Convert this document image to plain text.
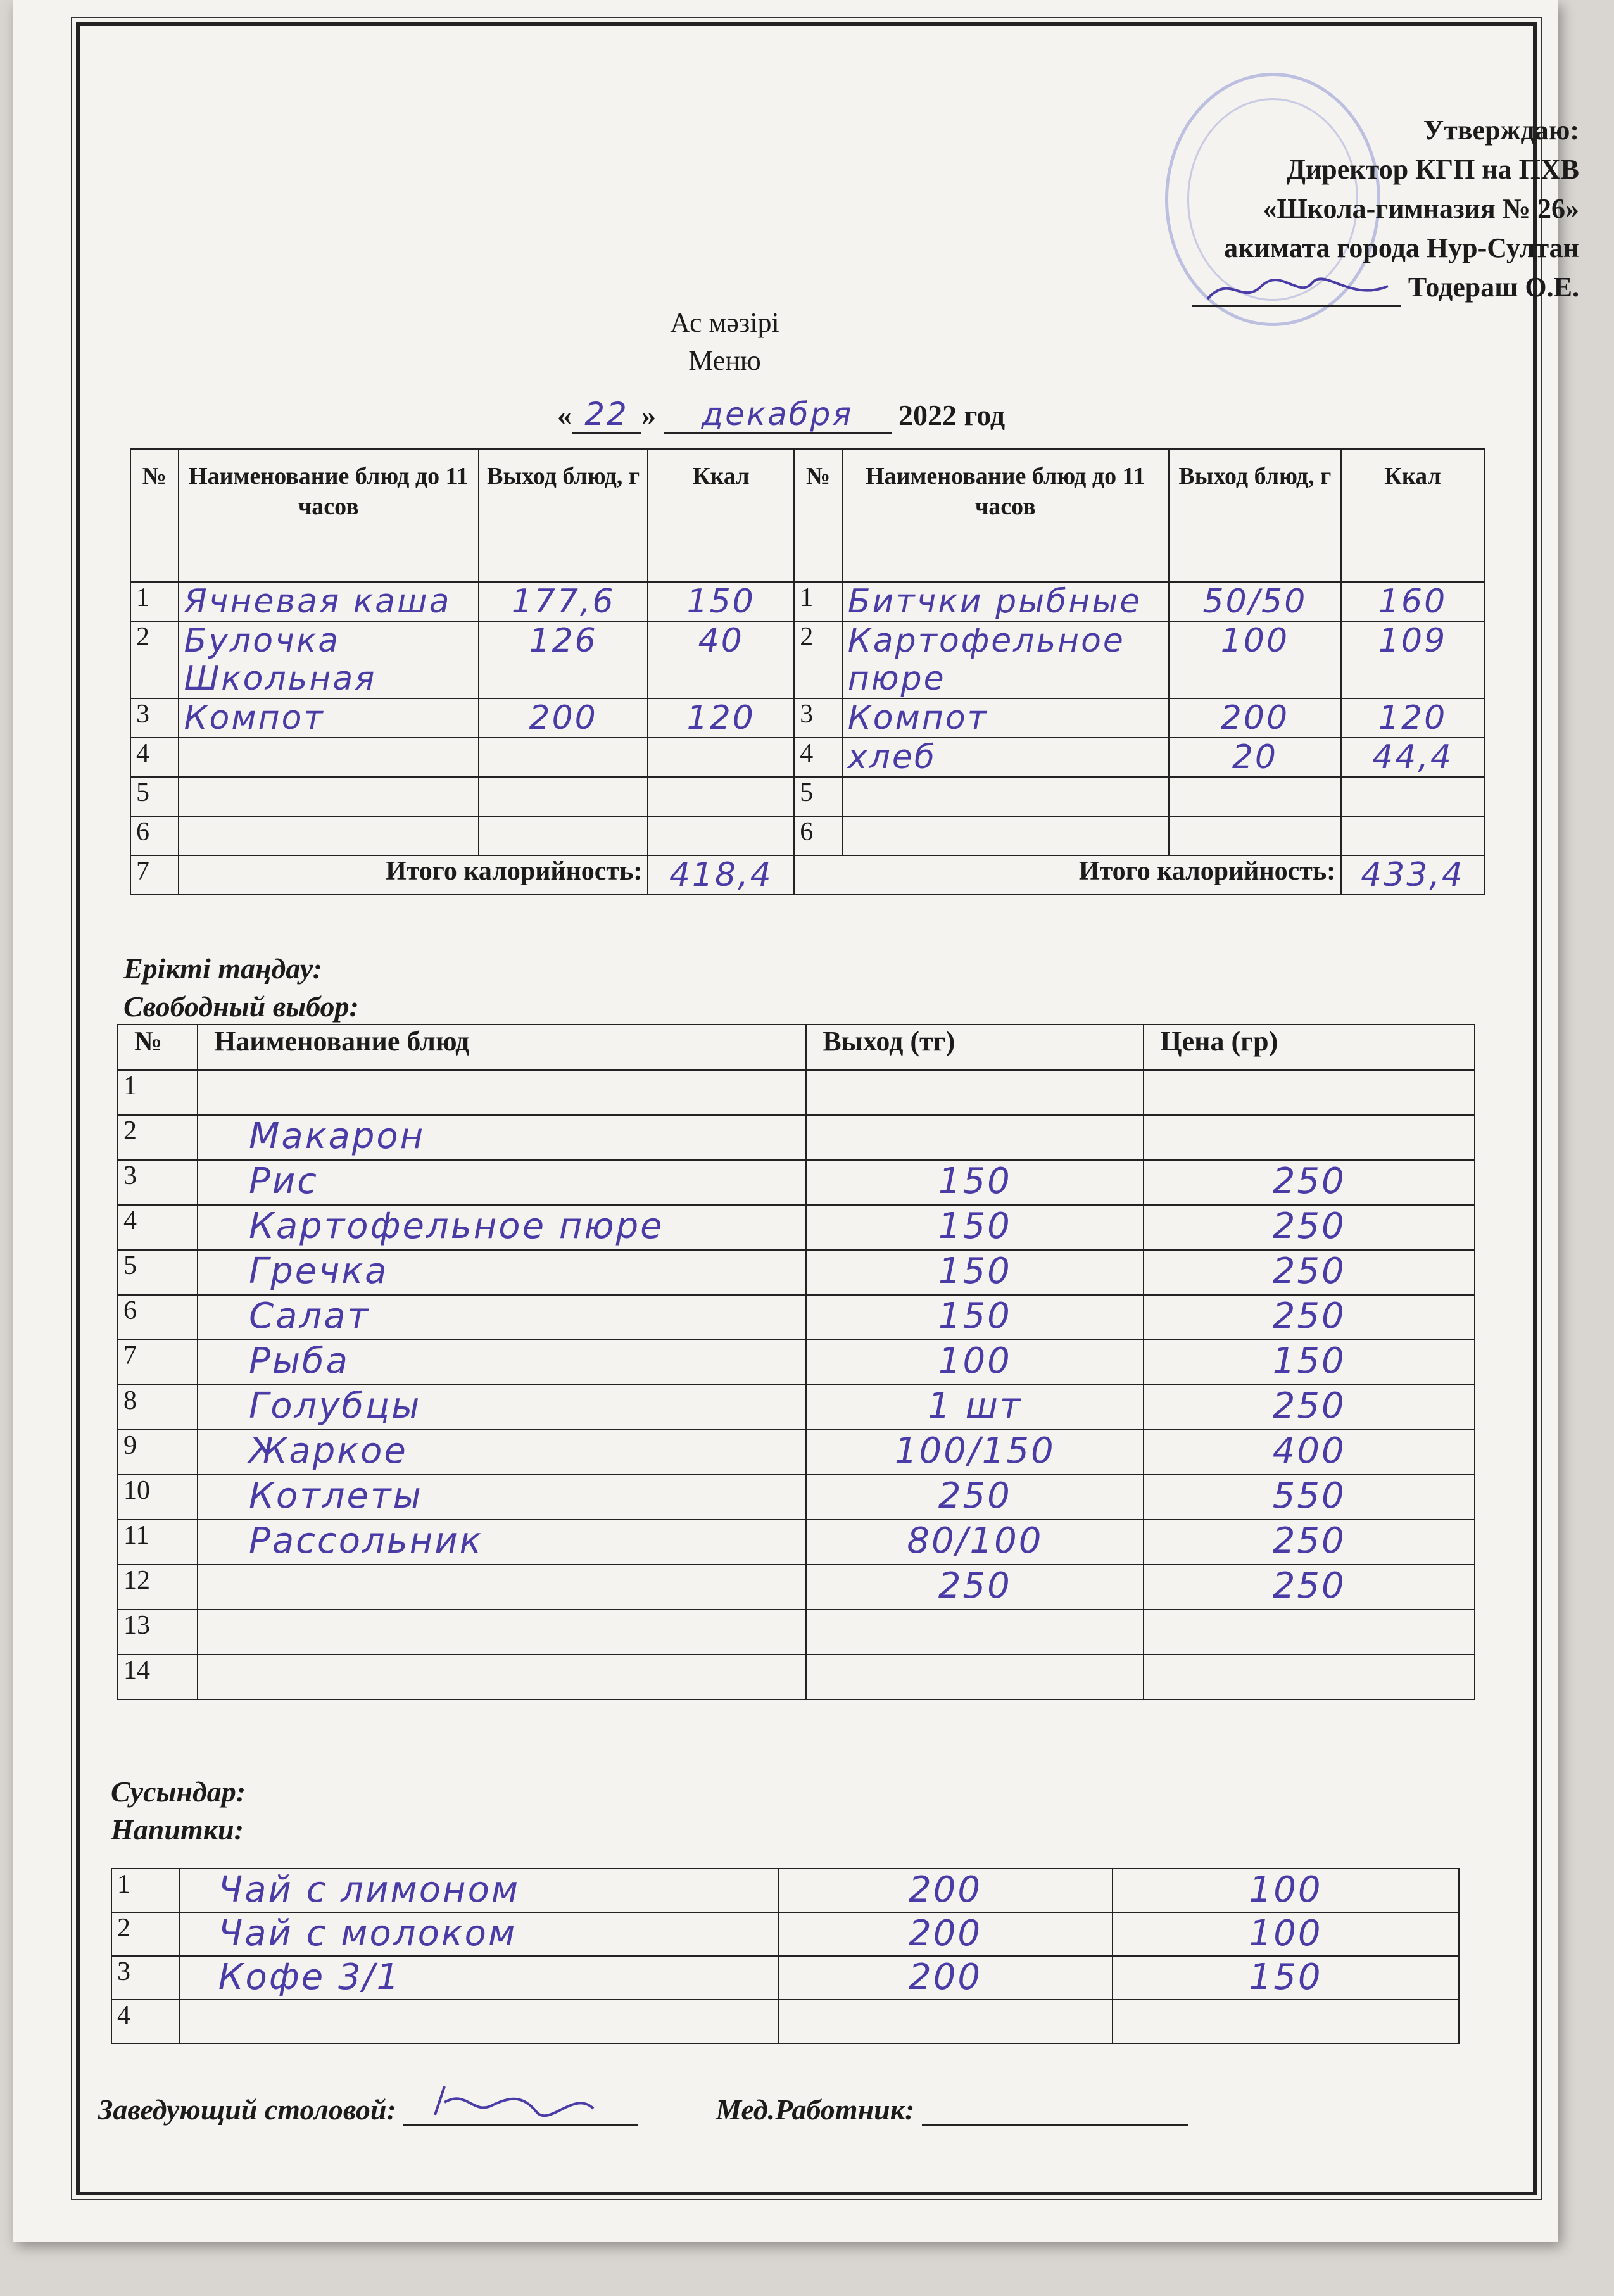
Утверждаю:
Директор КГП на ПХВ
«Школа-гимназия № 26»
акимата города Нур-Султан
Тодераш О.Е.
Ас мәзірі
Меню
« 22 » декабря 2022 год
№	Наименование блюд до 11 часов	Выход блюд, г	Ккал	№	Наименование блюд до 11 часов	Выход блюд, г	Ккал
1	Ячневая каша	177,6	150	1	Битчки рыбные	50/50	160
2	Булочка Школьная	126	40	2	Картофельное пюре	100	109
3	Компот	200	120	3	Компот	200	120
4				4	хлеб	20	44,4
5				5			
6				6			
7	Итого калорийность:		418,4	Итого калорийность:			433,4
Ерікті таңдау:
Свободный выбор:
№	Наименование блюд	Выход (тг)	Цена (гр)
1			
2	Макарон		
3	Рис	150	250
4	Картофельное пюре	150	250
5	Гречка	150	250
6	Салат	150	250
7	Рыба	100	150
8	Голубцы	1 шт	250
9	Жаркое	100/150	400
10	Котлеты	250	550
11	Рассольник	80/100	250
12		250	250
13			
14			
Сусындар:
Напитки:
1	Чай с лимоном	200	100
2	Чай с молоком	200	100
3	Кофе 3/1	200	150
4			
Заведующий столовой:	Мед.Работник:
